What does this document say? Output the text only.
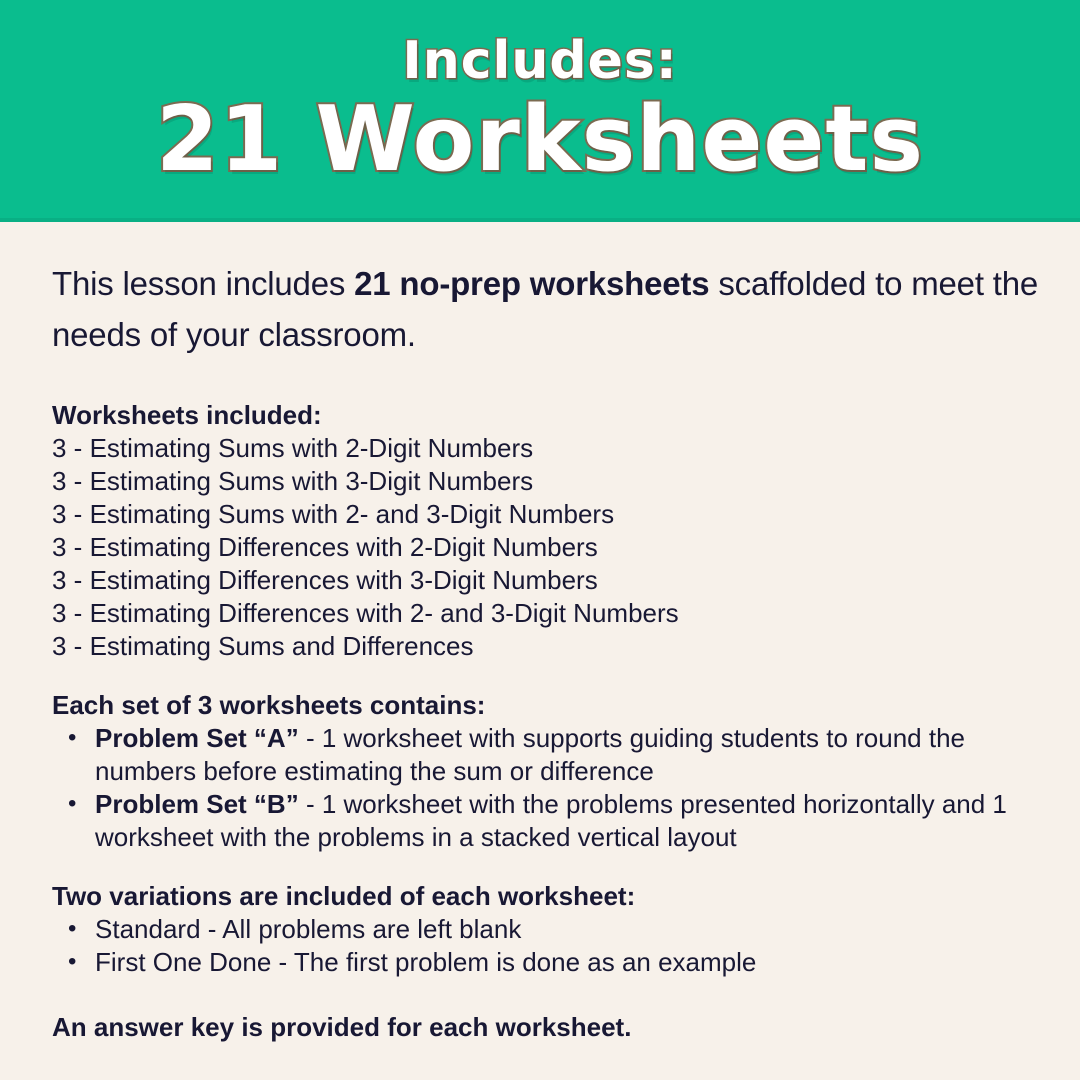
Includes:
21 Worksheets

This lesson includes 21 no-prep worksheets scaffolded to meet the needs of your classroom.

Worksheets included:
3 - Estimating Sums with 2-Digit Numbers
3 - Estimating Sums with 3-Digit Numbers
3 - Estimating Sums with 2- and 3-Digit Numbers
3 - Estimating Differences with 2-Digit Numbers
3 - Estimating Differences with 3-Digit Numbers
3 - Estimating Differences with 2- and 3-Digit Numbers
3 - Estimating Sums and Differences
Each set of 3 worksheets contains:
• Problem Set “A” - 1 worksheet with supports guiding students to round the numbers before estimating the sum or difference
• Problem Set “B” - 1 worksheet with the problems presented horizontally and 1 worksheet with the problems in a stacked vertical layout
Two variations are included of each worksheet:
• Standard - All problems are left blank
• First One Done - The first problem is done as an example

An answer key is provided for each worksheet.
